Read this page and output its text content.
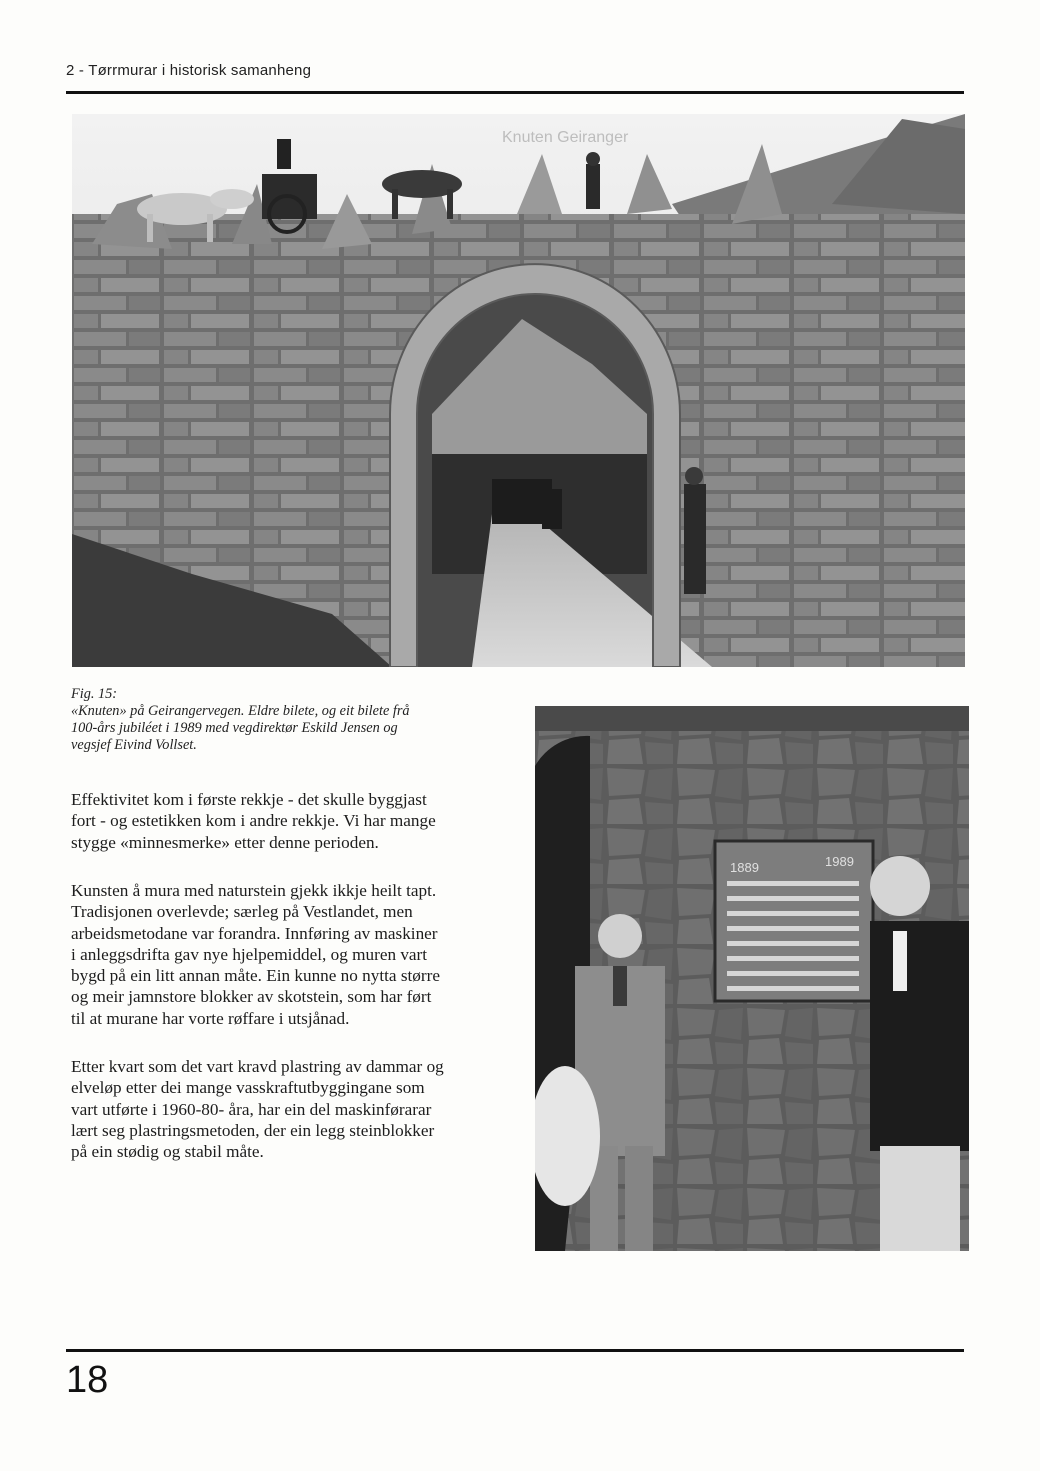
2 - Tørrmurar i historisk samanheng
Knuten Geiranger
Fig. 15:
«Knuten» på Geirangervegen. Eldre bilete, og eit bilete frå
100-års jubiléet i 1989 med vegdirektør Eskild Jensen og
vegsjef Eivind Vollset.
1889	1989
Effektivitet kom i første rekkje - det skulle byggjast
fort - og estetikken kom i andre rekkje. Vi har mange
stygge «minnesmerke» etter denne perioden.
Kunsten å mura med naturstein gjekk ikkje heilt tapt.
Tradisjonen overlevde; særleg på Vestlandet, men
arbeidsmetodane var forandra. Innføring av maskiner
i anleggsdrifta gav nye hjelpemiddel, og muren vart
bygd på ein litt annan måte. Ein kunne no nytta større
og meir jamnstore blokker av skotstein, som har ført
til at murane har vorte røffare i utsjånad.
Etter kvart som det vart kravd plastring av dammar og
elveløp etter dei mange vasskraftutbyggingane som
vart utførte i 1960-80- åra, har ein del maskinførarar
lært seg plastringsmetoden, der ein legg steinblokker
på ein stødig og stabil måte.
18
